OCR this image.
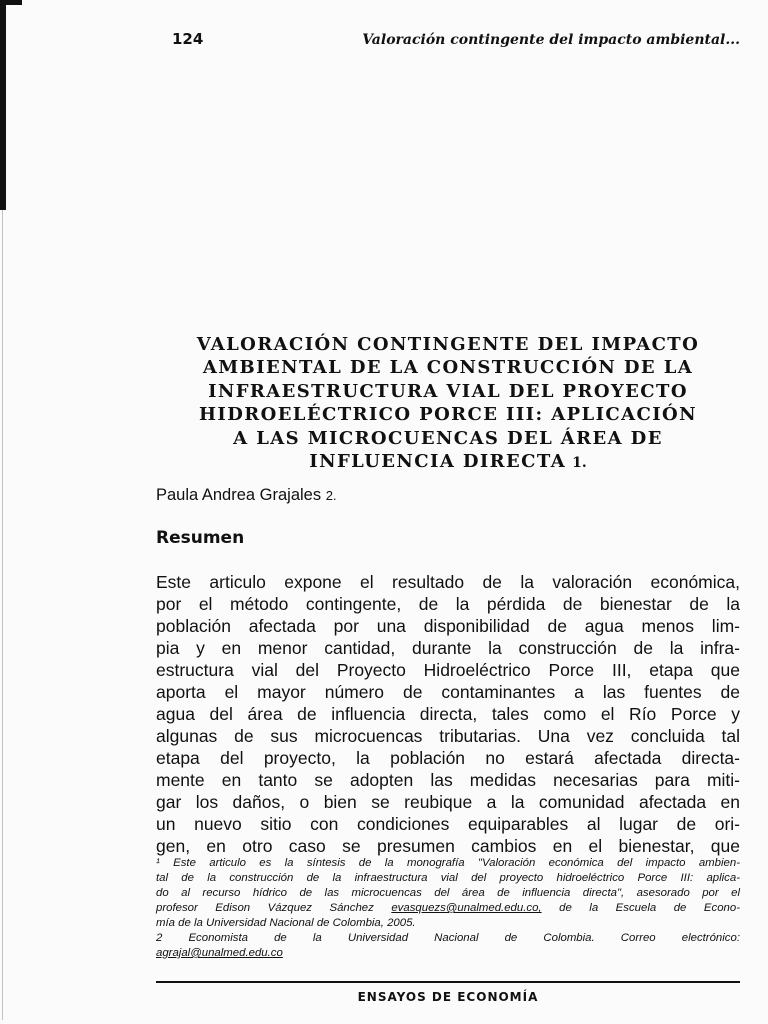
124	Valoración contingente del impacto ambiental...
VALORACIÓN CONTINGENTE DEL IMPACTO
AMBIENTAL DE LA CONSTRUCCIÓN DE LA
INFRAESTRUCTURA VIAL DEL PROYECTO
HIDROELÉCTRICO PORCE III: APLICACIÓN
A LAS MICROCUENCAS DEL ÁREA DE
INFLUENCIA DIRECTA 1.
Paula Andrea Grajales 2.
Resumen
Este articulo expone el resultado de la valoración económica,
por el método contingente, de la pérdida de bienestar de la
población afectada por una disponibilidad de agua menos lim-
pia y en menor cantidad, durante la construcción de la infra-
estructura vial del Proyecto Hidroeléctrico Porce III, etapa que
aporta el mayor número de contaminantes a las fuentes de
agua del área de influencia directa, tales como el Río Porce y
algunas de sus microcuencas tributarias. Una vez concluida tal
etapa del proyecto, la población no estará afectada directa-
mente en tanto se adopten las medidas necesarias para miti-
gar los daños, o bien se reubique a la comunidad afectada en
un nuevo sitio con condiciones equiparables al lugar de ori-
gen, en otro caso se presumen cambios en el bienestar, que
¹ Este articulo es la síntesis de la monografía "Valoración económica del impacto ambien-
tal de la construcción de la infraestructura vial del proyecto hidroeléctrico Porce III: aplica-
do al recurso hídrico de las microcuencas del área de influencia directa", asesorado por el
profesor Edison Vázquez Sánchez evasquezs@unalmed.edu.co, de la Escuela de Econo-
mía de la Universidad Nacional de Colombia, 2005.
2 Economista de la Universidad Nacional de Colombia. Correo electrónico:
agrajal@unalmed.edu.co
ENSAYOS DE ECONOMÍA
